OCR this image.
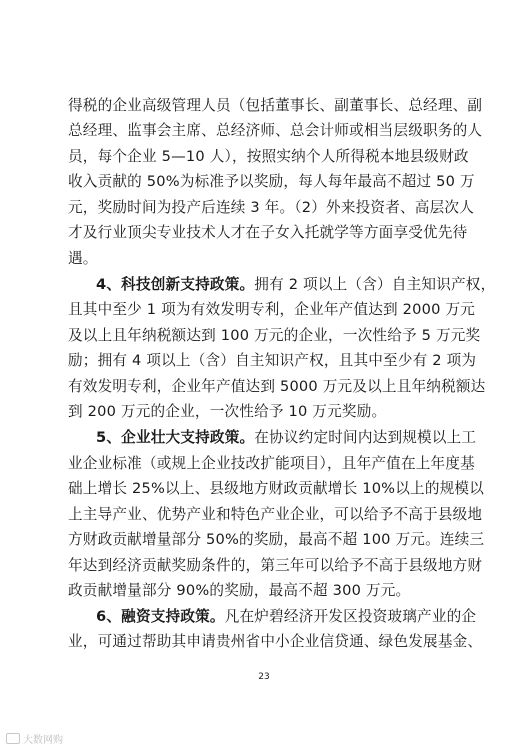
得税的企业高级管理人员（包括董事长、副董事长、总经理、副
总经理、监事会主席、总经济师、总会计师或相当层级职务的人
员，每个企业 5—10 人），按照实纳个人所得税本地县级财政
收入贡献的 50%为标准予以奖励，每人每年最高不超过 50 万
元，奖励时间为投产后连续 3 年。（2）外来投资者、高层次人
才及行业顶尖专业技术人才在子女入托就学等方面享受优先待
遇。
4、科技创新支持政策。拥有 2 项以上（含）自主知识产权，
且其中至少 1 项为有效发明专利，企业年产值达到 2000 万元
及以上且年纳税额达到 100 万元的企业，一次性给予 5 万元奖
励；拥有 4 项以上（含）自主知识产权，且其中至少有 2 项为
有效发明专利，企业年产值达到 5000 万元及以上且年纳税额达
到 200 万元的企业，一次性给予 10 万元奖励。
5、企业壮大支持政策。在协议约定时间内达到规模以上工
业企业标准（或规上企业技改扩能项目），且年产值在上年度基
础上增长 25%以上、县级地方财政贡献增长 10%以上的规模以
上主导产业、优势产业和特色产业企业，可以给予不高于县级地
方财政贡献增量部分 50%的奖励，最高不超 100 万元。连续三
年达到经济贡献奖励条件的，第三年可以给予不高于县级地方财
政贡献增量部分 90%的奖励，最高不超 300 万元。
6、融资支持政策。凡在炉碧经济开发区投资玻璃产业的企
业，可通过帮助其申请贵州省中小企业信贷通、绿色发展基金、
23
大数网购
